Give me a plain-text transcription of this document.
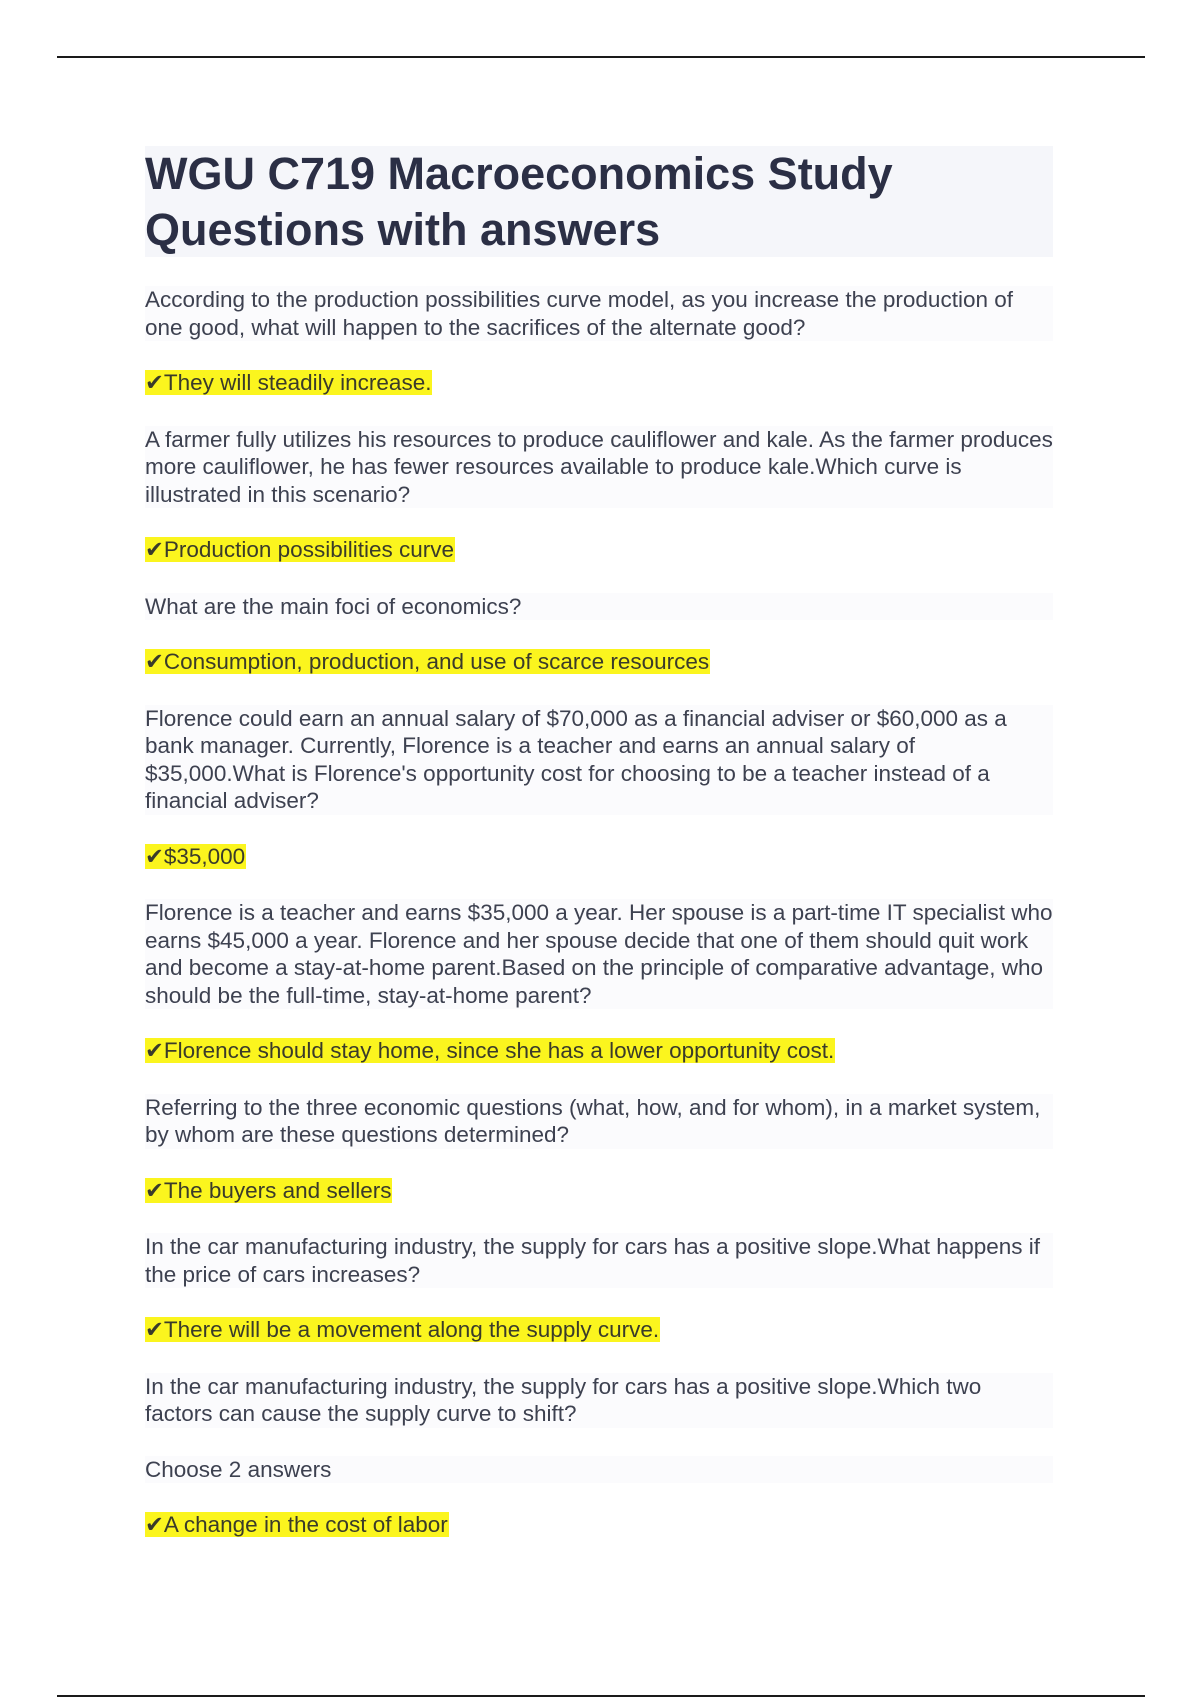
WGU C719 Macroeconomics Study Questions with answers

According to the production possibilities curve model, as you increase the production of one good, what will happen to the sacrifices of the alternate good?

✔They will steadily increase.

A farmer fully utilizes his resources to produce cauliflower and kale. As the farmer produces more cauliflower, he has fewer resources available to produce kale.Which curve is illustrated in this scenario?

✔Production possibilities curve

What are the main foci of economics?

✔Consumption, production, and use of scarce resources

Florence could earn an annual salary of $70,000 as a financial adviser or $60,000 as a bank manager. Currently, Florence is a teacher and earns an annual salary of $35,000.What is Florence's opportunity cost for choosing to be a teacher instead of a financial adviser?

✔$35,000

Florence is a teacher and earns $35,000 a year. Her spouse is a part-time IT specialist who earns $45,000 a year. Florence and her spouse decide that one of them should quit work and become a stay-at-home parent.Based on the principle of comparative advantage, who should be the full-time, stay-at-home parent?

✔Florence should stay home, since she has a lower opportunity cost.

Referring to the three economic questions (what, how, and for whom), in a market system, by whom are these questions determined?

✔The buyers and sellers

In the car manufacturing industry, the supply for cars has a positive slope.What happens if the price of cars increases?

✔There will be a movement along the supply curve.

In the car manufacturing industry, the supply for cars has a positive slope.Which two factors can cause the supply curve to shift?

Choose 2 answers

✔A change in the cost of labor
